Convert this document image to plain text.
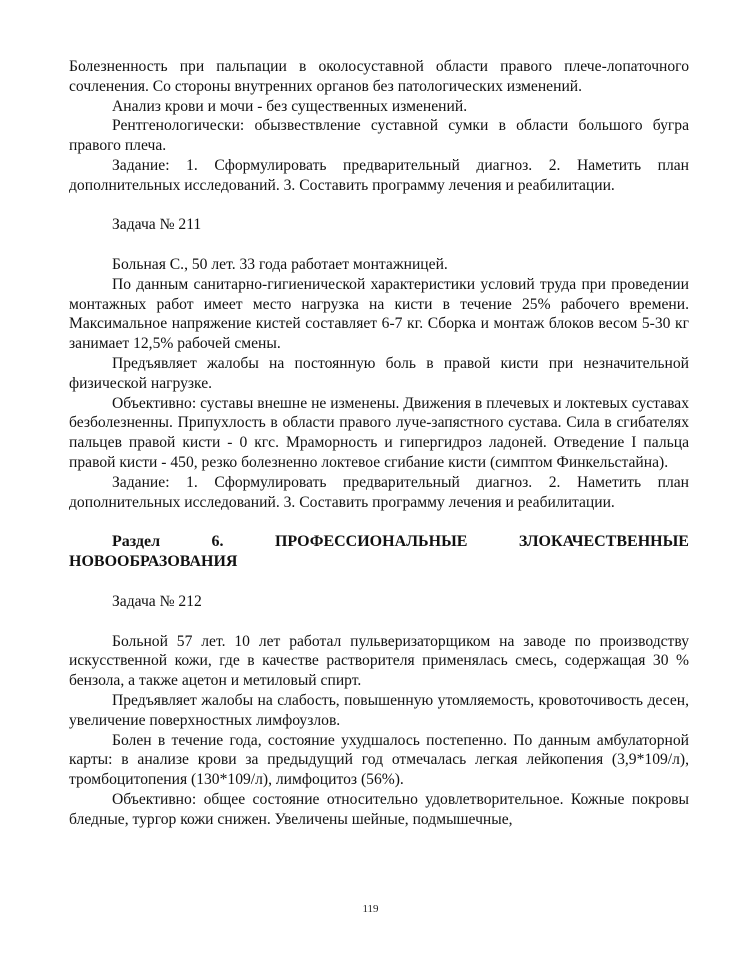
Болезненность при пальпации в околосуставной области правого плече-лопаточного сочленения. Со стороны внутренних органов без патологических изменений.

Анализ крови и мочи - без существенных изменений.

Рентгенологически: обызвествление суставной сумки в области большого бугра правого плеча.

Задание: 1. Сформулировать предварительный диагноз. 2. Наметить план дополнительных исследований. 3. Составить программу лечения и реабилитации.

Задача № 211

Больная С., 50 лет. 33 года работает монтажницей.

По данным санитарно-гигиенической характеристики условий труда при проведении монтажных работ имеет место нагрузка на кисти в течение 25% рабочего времени. Максимальное напряжение кистей составляет 6-7 кг. Сборка и монтаж блоков весом 5-30 кг занимает 12,5% рабочей смены.

Предъявляет жалобы на постоянную боль в правой кисти при незначительной физической нагрузке.

Объективно: суставы внешне не изменены. Движения в плечевых и локтевых суставах безболезненны. Припухлость в области правого луче-запястного сустава. Сила в сгибателях пальцев правой кисти - 0 кгс. Мраморность и гипергидроз ладоней. Отведение I пальца правой кисти - 450, резко болезненно локтевое сгибание кисти (симптом Финкельстайна).

Задание: 1. Сформулировать предварительный диагноз. 2. Наметить план дополнительных исследований. 3. Составить программу лечения и реабилитации.

Раздел	6.	ПРОФЕССИОНАЛЬНЫЕ	ЗЛОКАЧЕСТВЕННЫЕ
НОВООБРАЗОВАНИЯ

Задача № 212

Больной 57 лет. 10 лет работал пульверизаторщиком на заводе по производству искусственной кожи, где в качестве растворителя применялась смесь, содержащая 30 % бензола, а также ацетон и метиловый спирт.

Предъявляет жалобы на слабость, повышенную утомляемость, кровоточивость десен, увеличение поверхностных лимфоузлов.

Болен в течение года, состояние ухудшалось постепенно. По данным амбулаторной карты: в анализе крови за предыдущий год отмечалась легкая лейкопения (3,9*109/л), тромбоцитопения (130*109/л), лимфоцитоз (56%).

Объективно: общее состояние относительно удовлетворительное. Кожные покровы бледные, тургор кожи снижен. Увеличены шейные, подмышечные,

119
